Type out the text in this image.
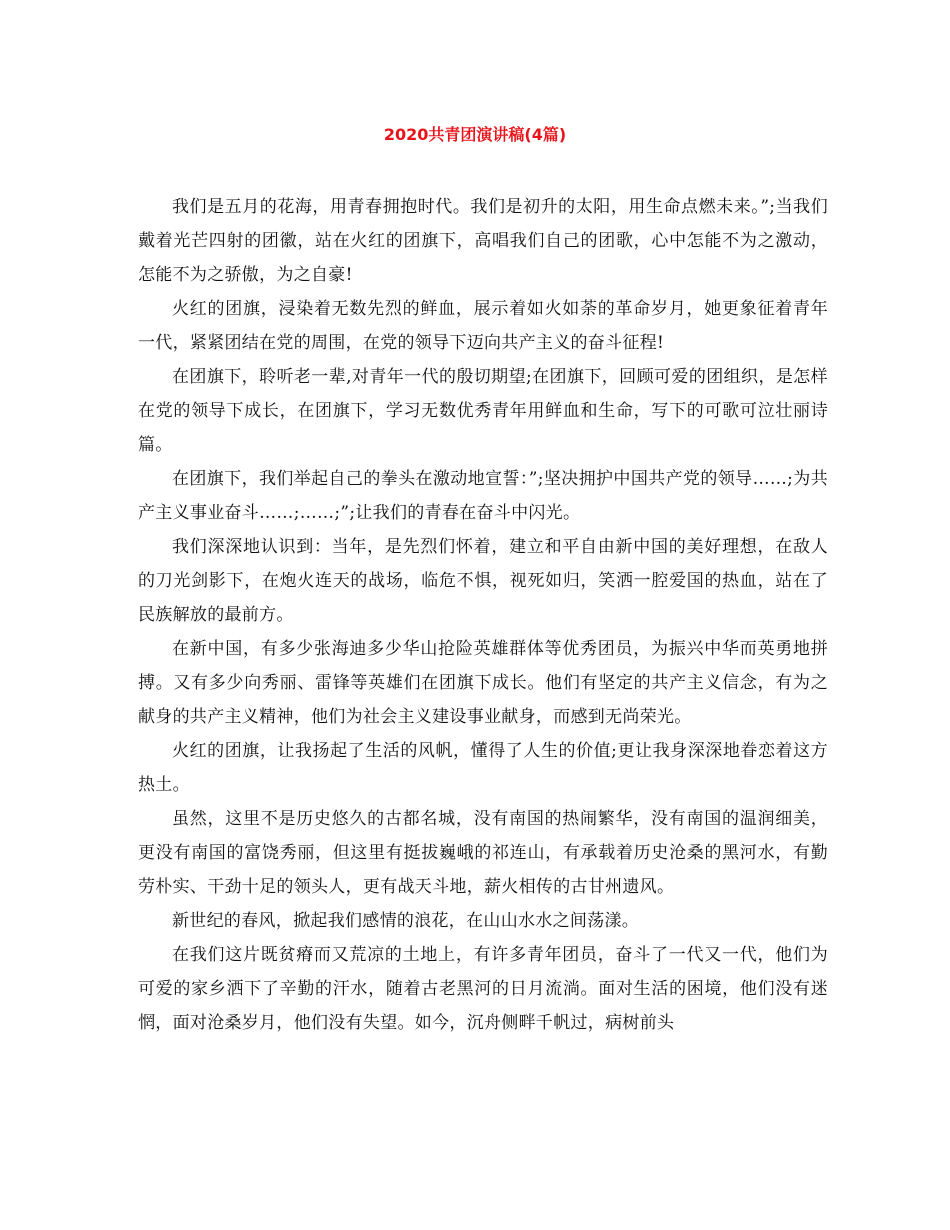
2020共青团演讲稿(4篇)

我们是五月的花海，用青春拥抱时代。我们是初升的太阳，用生命点燃未来。”;当我们戴着光芒四射的团徽，站在火红的团旗下，高唱我们自己的团歌，心中怎能不为之激动，怎能不为之骄傲，为之自豪!

火红的团旗，浸染着无数先烈的鲜血，展示着如火如荼的革命岁月，她更象征着青年一代，紧紧团结在党的周围，在党的领导下迈向共产主义的奋斗征程!

在团旗下，聆听老一辈,对青年一代的殷切期望;在团旗下，回顾可爱的团组织，是怎样在党的领导下成长，在团旗下，学习无数优秀青年用鲜血和生命，写下的可歌可泣壮丽诗篇。

在团旗下，我们举起自己的拳头在激动地宣誓：”;坚决拥护中国共产党的领导……;为共产主义事业奋斗……;……;”;让我们的青春在奋斗中闪光。

我们深深地认识到：当年，是先烈们怀着，建立和平自由新中国的美好理想，在敌人的刀光剑影下，在炮火连天的战场，临危不惧，视死如归，笑洒一腔爱国的热血，站在了民族解放的最前方。

在新中国，有多少张海迪多少华山抢险英雄群体等优秀团员，为振兴中华而英勇地拼搏。又有多少向秀丽、雷锋等英雄们在团旗下成长。他们有坚定的共产主义信念，有为之献身的共产主义精神，他们为社会主义建设事业献身，而感到无尚荣光。

火红的团旗，让我扬起了生活的风帆，懂得了人生的价值;更让我身深深地眷恋着这方热土。

虽然，这里不是历史悠久的古都名城，没有南国的热闹繁华，没有南国的温润细美，更没有南国的富饶秀丽，但这里有挺拔巍峨的祁连山，有承载着历史沧桑的黑河水，有勤劳朴实、干劲十足的领头人，更有战天斗地，薪火相传的古甘州遗风。

新世纪的春风，掀起我们感情的浪花，在山山水水之间荡漾。

在我们这片既贫瘠而又荒凉的土地上，有许多青年团员，奋斗了一代又一代，他们为可爱的家乡洒下了辛勤的汗水，随着古老黑河的日月流淌。面对生活的困境，他们没有迷惘，面对沧桑岁月，他们没有失望。如今，沉舟侧畔千帆过，病树前头
